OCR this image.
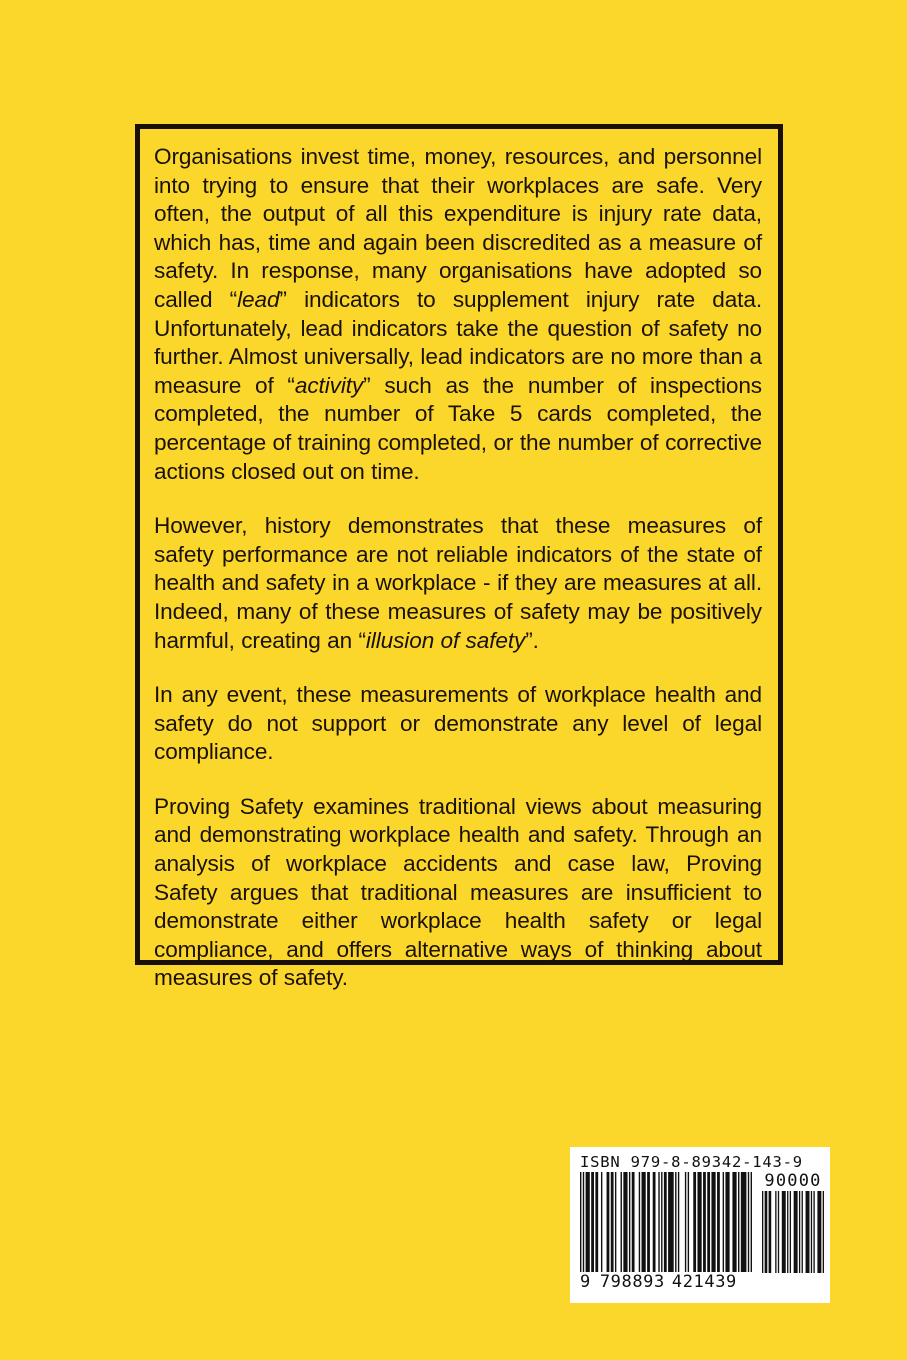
Organisations invest time, money, resources, and personnel into trying to ensure that their workplaces are safe. Very often, the output of all this expenditure is injury rate data, which has, time and again been discredited as a measure of safety. In response, many organisations have adopted so called “lead” indicators to supplement injury rate data. Unfortunately, lead indicators take the question of safety no further. Almost universally, lead indicators are no more than a measure of “activity” such as the number of inspections completed, the number of Take 5 cards completed, the percentage of training completed, or the number of corrective actions closed out on time.

However, history demonstrates that these measures of safety performance are not reliable indicators of the state of health and safety in a workplace - if they are measures at all. Indeed, many of these measures of safety may be positively harmful, creating an “illusion of safety”.

In any event, these measurements of workplace health and safety do not support or demonstrate any level of legal compliance.

Proving Safety examines traditional views about measuring and demonstrating workplace health and safety. Through an analysis of workplace accidents and case law, Proving Safety argues that traditional measures are insufficient to demonstrate either workplace health safety or legal compliance, and offers alternative ways of thinking about measures of safety.

ISBN 979-8-89342-143-9
90000
9 798893 421439
